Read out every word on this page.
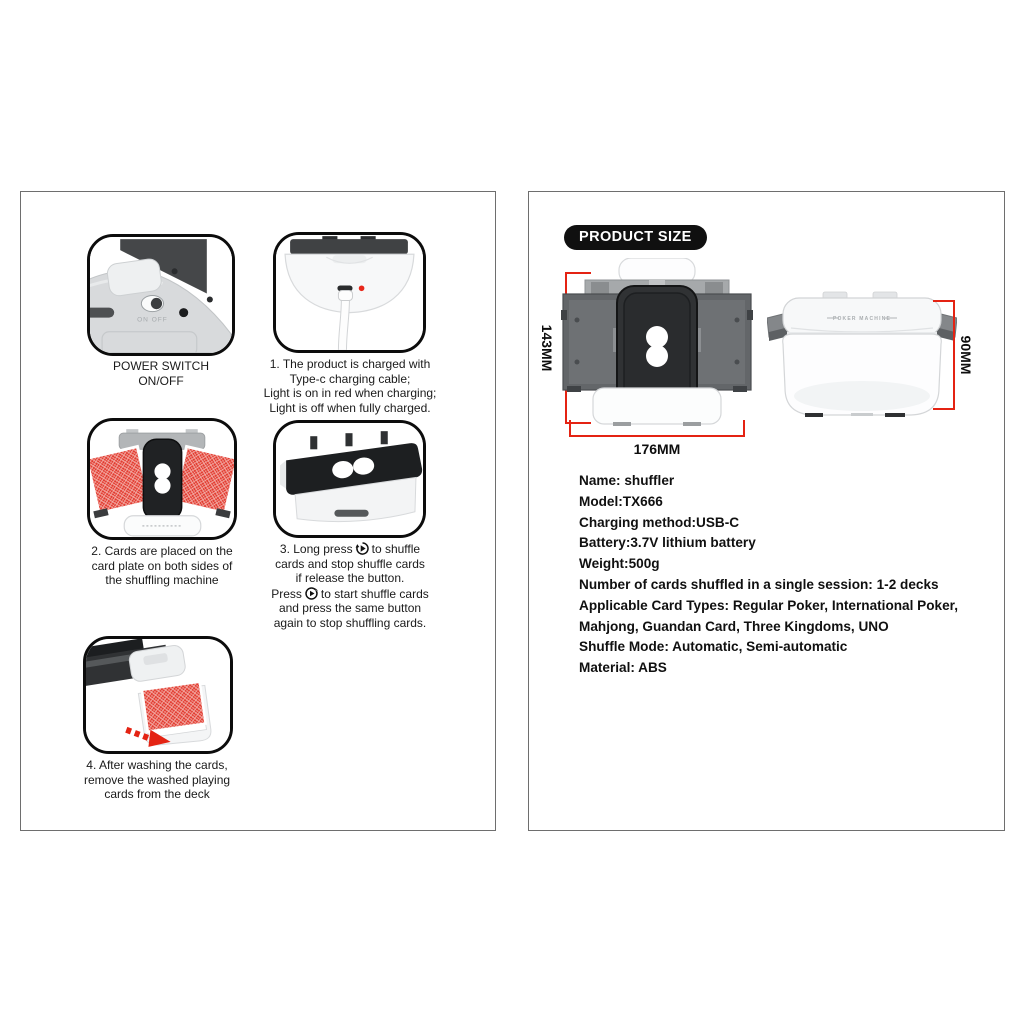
ON OFF
POWER SWITCH
ON/OFF
1. The product is charged with
Type-c charging cable;
Light is on in red when charging;
Light is off when fully charged.
2. Cards are placed on the
card plate on both sides of
the shuffling machine
3. Long press to shuffle
cards and stop shuffle cards
if release the button.
Press to start shuffle cards
and press the same button
again to stop shuffling cards.
4. After washing the cards,
remove the washed playing
cards from the deck
PRODUCT SIZE
143MM
176MM
POKER MACHINE
90MM
Name: shuffler
Model:TX666
Charging method:USB-C
Battery:3.7V lithium battery
Weight:500g
Number of cards shuffled in a single session: 1-2 decks
Applicable Card Types: Regular Poker, International Poker,
Mahjong, Guandan Card, Three Kingdoms, UNO
Shuffle Mode: Automatic, Semi-automatic
Material: ABS
